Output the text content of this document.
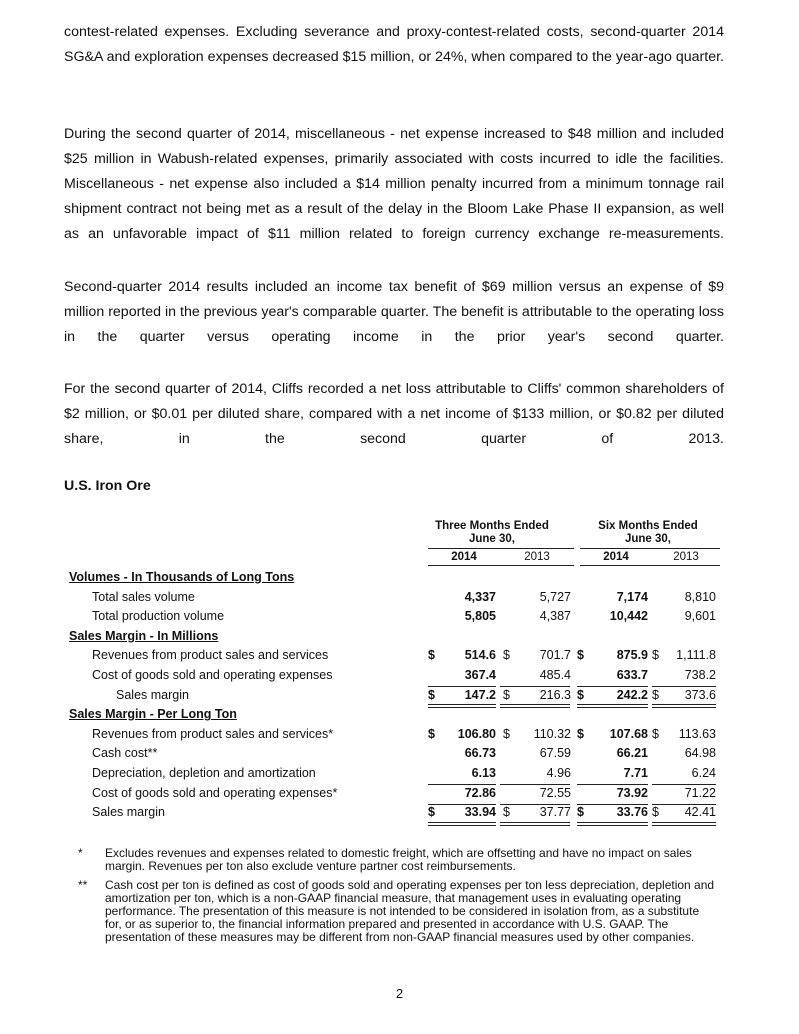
contest-related expenses. Excluding severance and proxy-contest-related costs, second-quarter 2014 SG&A and exploration expenses decreased $15 million, or 24%, when compared to the year-ago quarter.

During the second quarter of 2014, miscellaneous - net expense increased to $48 million and included $25 million in Wabush-related expenses, primarily associated with costs incurred to idle the facilities. Miscellaneous - net expense also included a $14 million penalty incurred from a minimum tonnage rail shipment contract not being met as a result of the delay in the Bloom Lake Phase II expansion, as well as an unfavorable impact of $11 million related to foreign currency exchange re-measurements.

Second-quarter 2014 results included an income tax benefit of $69 million versus an expense of $9 million reported in the previous year's comparable quarter. The benefit is attributable to the operating loss in the quarter versus operating income in the prior year's second quarter.

For the second quarter of 2014, Cliffs recorded a net loss attributable to Cliffs' common shareholders of $2 million, or $0.01 per diluted share, compared with a net income of $133 million, or $0.82 per diluted share, in the second quarter of 2013.

U.S. Iron Ore
Three Months Ended
June 30,
Six Months Ended
June 30,
2014	2013	2014	2013
Volumes - In Thousands of Long Tons
Total sales volume	4,337	5,727	7,174	8,810
Total production volume	5,805	4,387	10,442	9,601
Sales Margin - In Millions
Revenues from product sales and services	$ 514.6 $ 701.7 $	875.9 $ 1,111.8
Cost of goods sold and operating expenses	367.4	485.4	633.7	738.2
Sales margin	$ 147.2 $ 216.3 $	242.2 $ 373.6
Sales Margin - Per Long Ton
Revenues from product sales and services*	$ 106.80 $ 110.32 $ 107.68 $ 113.63
Cash cost**	66.73	67.59	66.21	64.98
Depreciation, depletion and amortization	6.13	4.96	7.71	6.24
Cost of goods sold and operating expenses*	72.86	72.55	73.92	71.22
Sales margin	$ 33.94 $ 37.77 $	33.76 $ 42.41
* Excludes revenues and expenses related to domestic freight, which are offsetting and have no impact on sales margin. Revenues per ton also exclude venture partner cost reimbursements.
** Cash cost per ton is defined as cost of goods sold and operating expenses per ton less depreciation, depletion and amortization per ton, which is a non-GAAP financial measure, that management uses in evaluating operating performance. The presentation of this measure is not intended to be considered in isolation from, as a substitute for, or as superior to, the financial information prepared and presented in accordance with U.S. GAAP. The presentation of these measures may be different from non-GAAP financial measures used by other companies.
2
